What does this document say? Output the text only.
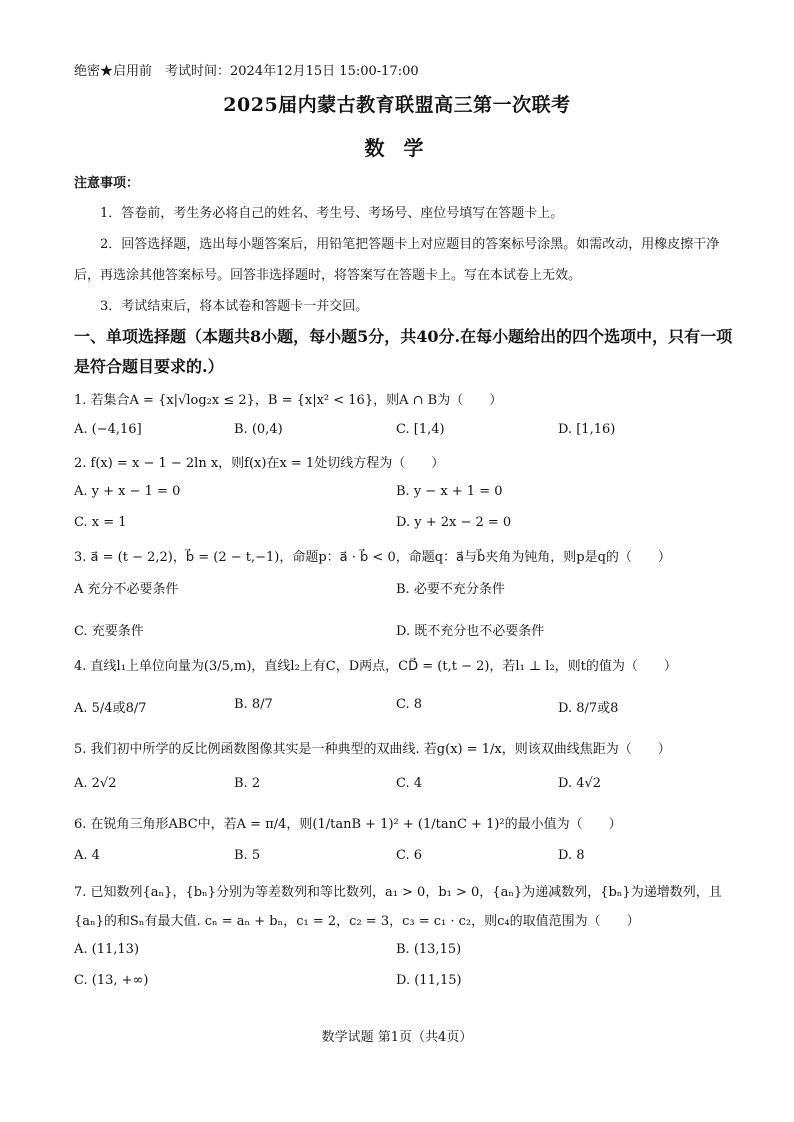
绝密★启用前　考试时间：2024年12月15日 15:00-17:00
2025届内蒙古教育联盟高三第一次联考
数 学
注意事项：
1．答卷前，考生务必将自己的姓名、考生号、考场号、座位号填写在答题卡上。
2．回答选择题，选出每小题答案后，用铅笔把答题卡上对应题目的答案标号涂黑。如需改动，用橡皮擦干净后，再选涂其他答案标号。回答非选择题时，将答案写在答题卡上。写在本试卷上无效。
3．考试结束后，将本试卷和答题卡一并交回。
一、单项选择题（本题共8小题，每小题5分，共40分.在每小题给出的四个选项中，只有一项是符合题目要求的.）
1. 若集合A = {x|√log₂x ≤ 2}，B = {x|x² < 16}，则A ∩ B为（　　）
A. (−4,16]	B. (0,4)	C. [1,4)	D. [1,16)
2. f(x) = x − 1 − 2ln x，则f(x)在x = 1处切线方程为（　　）
A. y + x − 1 = 0	B. y − x + 1 = 0
C. x = 1	D. y + 2x − 2 = 0
3. a⃗ = (t − 2,2)，b⃗ = (2 − t,−1)，命题p：a⃗ · b⃗ < 0，命题q：a⃗与b⃗夹角为钝角，则p是q的（　　）
A 充分不必要条件	B. 必要不充分条件
C. 充要条件	D. 既不充分也不必要条件
4. 直线l₁上单位向量为(3/5,m)，直线l₂上有C，D两点，CD⃗ = (t,t − 2)，若l₁ ⊥ l₂，则t的值为（　　）
A. 5/4或8/7	B. 8/7	C. 8	D. 8/7或8
5. 我们初中所学的反比例函数图像其实是一种典型的双曲线. 若g(x) = 1/x，则该双曲线焦距为（　　）
A. 2√2	B. 2	C. 4	D. 4√2
6. 在锐角三角形ABC中，若A = π/4，则(1/tanB + 1)² + (1/tanC + 1)²的最小值为（　　）
A. 4	B. 5	C. 6	D. 8
7. 已知数列{aₙ}，{bₙ}分别为等差数列和等比数列，a₁ > 0，b₁ > 0，{aₙ}为递减数列，{bₙ}为递增数列，且
{aₙ}的和Sₙ有最大值. cₙ = aₙ + bₙ，c₁ = 2，c₂ = 3，c₃ = c₁ · c₂，则c₄的取值范围为（　　）
A. (11,13)	B. (13,15)
C. (13, +∞)	D. (11,15)
数学试题 第1页（共4页）
